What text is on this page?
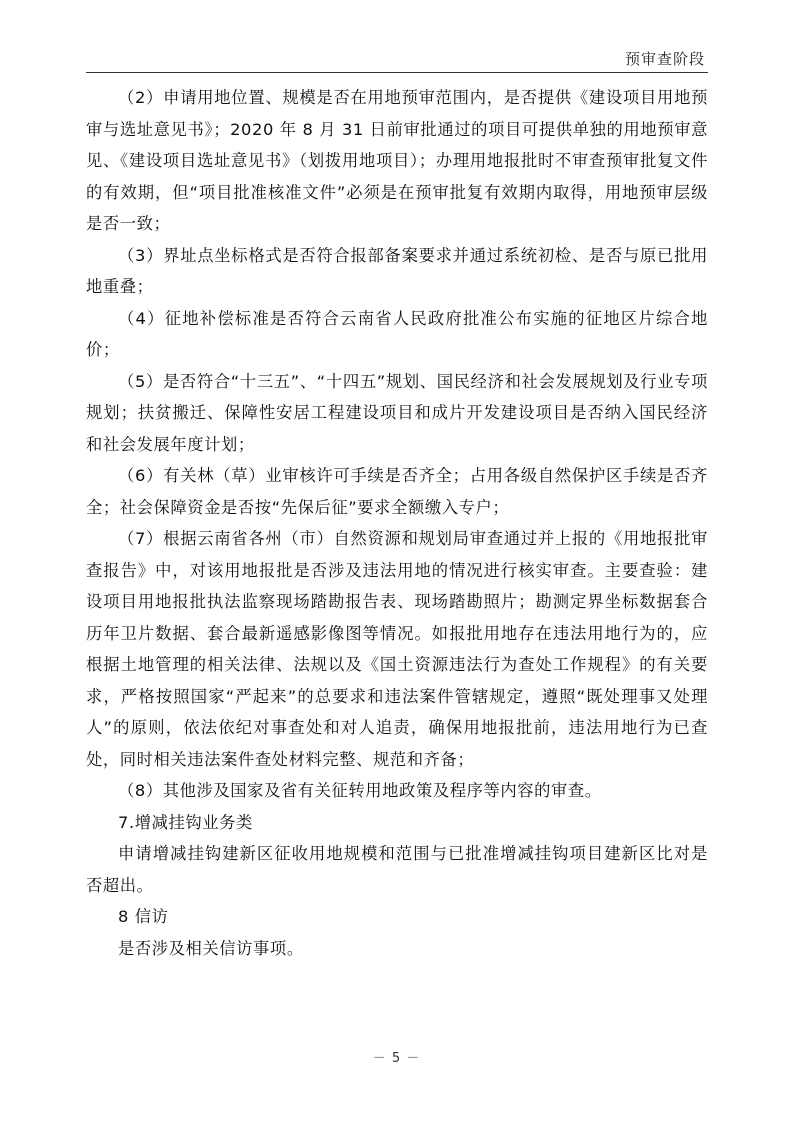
预审查阶段

（2）申请用地位置、规模是否在用地预审范围内，是否提供《建设项目用地预审与选址意见书》；2020 年 8 月 31 日前审批通过的项目可提供单独的用地预审意见、《建设项目选址意见书》（划拨用地项目）；办理用地报批时不审查预审批复文件的有效期，但“项目批准核准文件”必须是在预审批复有效期内取得，用地预审层级是否一致；

（3）界址点坐标格式是否符合报部备案要求并通过系统初检、是否与原已批用地重叠；

（4）征地补偿标准是否符合云南省人民政府批准公布实施的征地区片综合地价；

（5）是否符合“十三五”、“十四五”规划、国民经济和社会发展规划及行业专项规划；扶贫搬迁、保障性安居工程建设项目和成片开发建设项目是否纳入国民经济和社会发展年度计划；

（6）有关林（草）业审核许可手续是否齐全；占用各级自然保护区手续是否齐全；社会保障资金是否按“先保后征”要求全额缴入专户；

（7）根据云南省各州（市）自然资源和规划局审查通过并上报的《用地报批审查报告》中，对该用地报批是否涉及违法用地的情况进行核实审查。主要查验：建设项目用地报批执法监察现场踏勘报告表、现场踏勘照片；勘测定界坐标数据套合历年卫片数据、套合最新遥感影像图等情况。如报批用地存在违法用地行为的，应根据土地管理的相关法律、法规以及《国土资源违法行为查处工作规程》的有关要求，严格按照国家“严起来”的总要求和违法案件管辖规定，遵照“既处理事又处理人”的原则，依法依纪对事查处和对人追责，确保用地报批前，违法用地行为已查处，同时相关违法案件查处材料完整、规范和齐备；

（8）其他涉及国家及省有关征转用地政策及程序等内容的审查。

7.增减挂钩业务类

申请增减挂钩建新区征收用地规模和范围与已批准增减挂钩项目建新区比对是否超出。

8 信访

是否涉及相关信访事项。

－ 5 －
